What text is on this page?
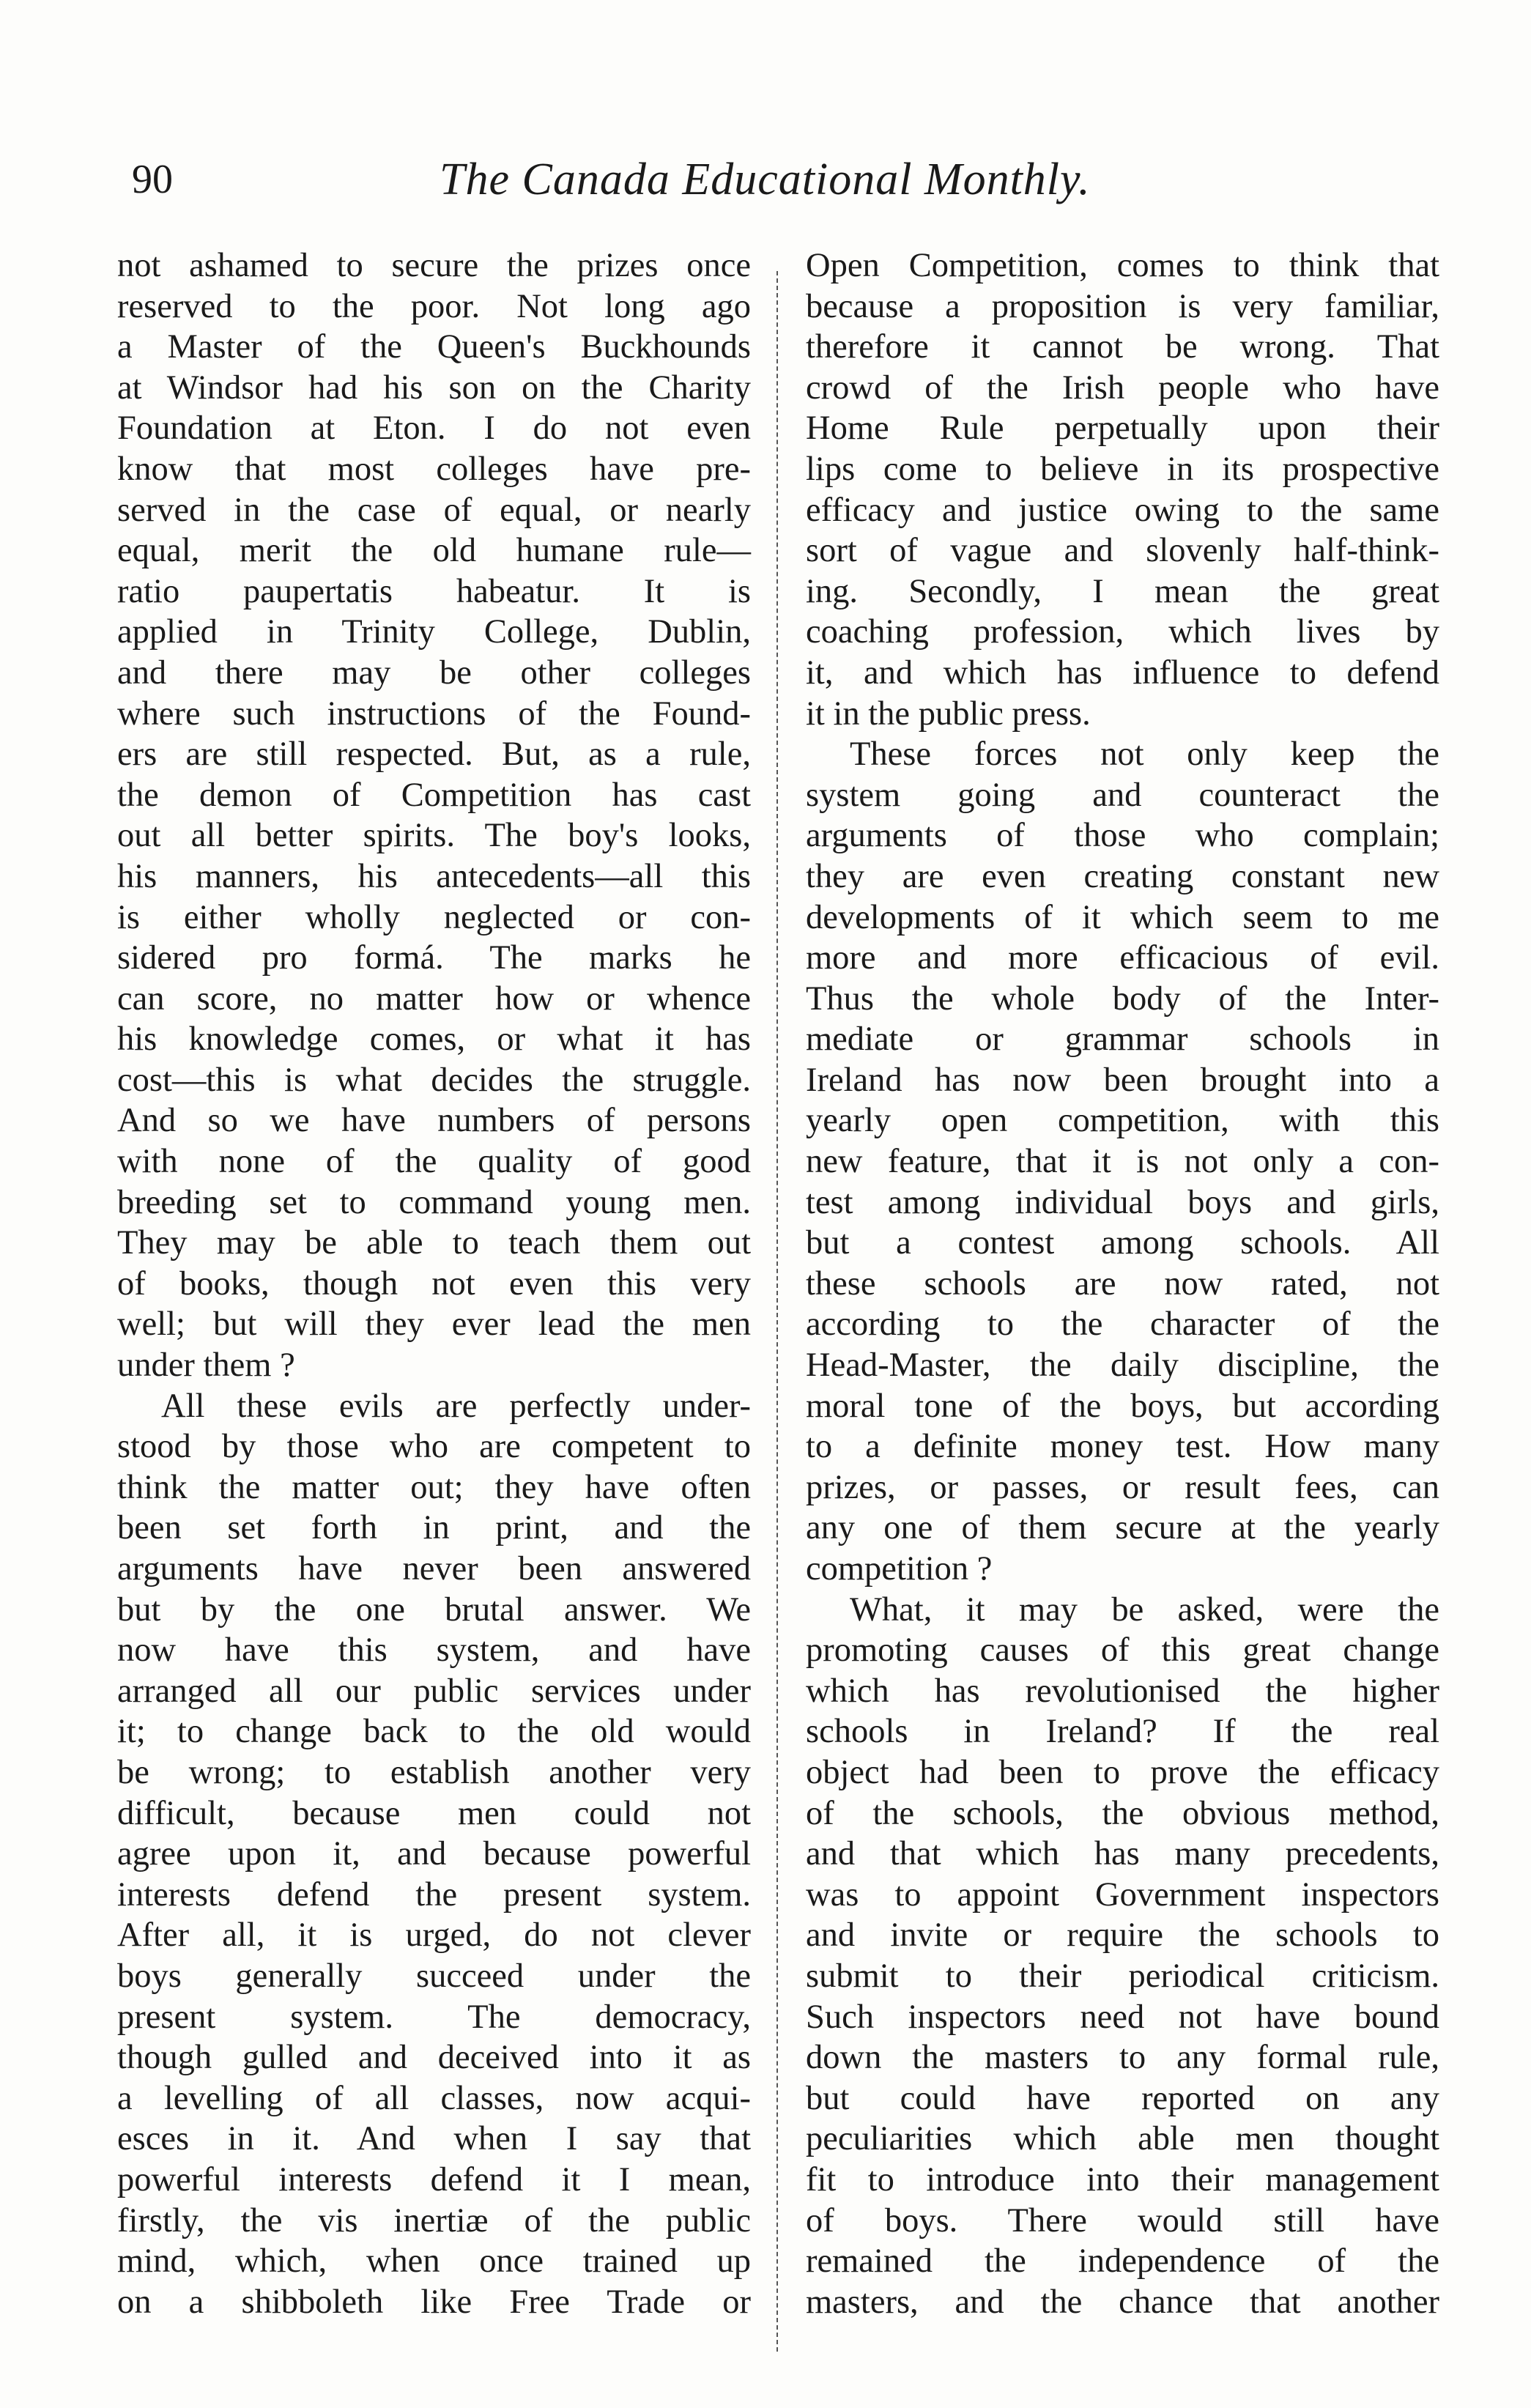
90	The Canada Educational Monthly.

not ashamed to secure the prizes once

reserved to the poor. Not long ago

a Master of the Queen's Buckhounds

at Windsor had his son on the Charity

Foundation at Eton. I do not even

know that most colleges have pre-

served in the case of equal, or nearly

equal, merit the old humane rule—

ratio paupertatis habeatur. It is

applied in Trinity College, Dublin,

and there may be other colleges

where such instructions of the Found-

ers are still respected. But, as a rule,

the demon of Competition has cast

out all better spirits. The boy's looks,

his manners, his antecedents—all this

is either wholly neglected or con-

sidered pro formá. The marks he

can score, no matter how or whence

his knowledge comes, or what it has

cost—this is what decides the struggle.

And so we have numbers of persons

with none of the quality of good

breeding set to command young men.

They may be able to teach them out

of books, though not even this very

well; but will they ever lead the men

under them ?

All these evils are perfectly under-

stood by those who are competent to

think the matter out; they have often

been set forth in print, and the

arguments have never been answered

but by the one brutal answer. We

now have this system, and have

arranged all our public services under

it; to change back to the old would

be wrong; to establish another very

difficult, because men could not

agree upon it, and because powerful

interests defend the present system.

After all, it is urged, do not clever

boys generally succeed under the

present system. The democracy,

though gulled and deceived into it as

a levelling of all classes, now acqui-

esces in it. And when I say that

powerful interests defend it I mean,

firstly, the vis inertiæ of the public

mind, which, when once trained up

on a shibboleth like Free Trade or

Open Competition, comes to think that

because a proposition is very familiar,

therefore it cannot be wrong. That

crowd of the Irish people who have

Home Rule perpetually upon their

lips come to believe in its prospective

efficacy and justice owing to the same

sort of vague and slovenly half-think-

ing. Secondly, I mean the great

coaching profession, which lives by

it, and which has influence to defend

it in the public press.

These forces not only keep the

system going and counteract the

arguments of those who complain;

they are even creating constant new

developments of it which seem to me

more and more efficacious of evil.

Thus the whole body of the Inter-

mediate or grammar schools in

Ireland has now been brought into a

yearly open competition, with this

new feature, that it is not only a con-

test among individual boys and girls,

but a contest among schools. All

these schools are now rated, not

according to the character of the

Head-Master, the daily discipline, the

moral tone of the boys, but according

to a definite money test. How many

prizes, or passes, or result fees, can

any one of them secure at the yearly

competition ?

What, it may be asked, were the

promoting causes of this great change

which has revolutionised the higher

schools in Ireland? If the real

object had been to prove the efficacy

of the schools, the obvious method,

and that which has many precedents,

was to appoint Government inspectors

and invite or require the schools to

submit to their periodical criticism.

Such inspectors need not have bound

down the masters to any formal rule,

but could have reported on any

peculiarities which able men thought

fit to introduce into their management

of boys. There would still have

remained the independence of the

masters, and the chance that another
